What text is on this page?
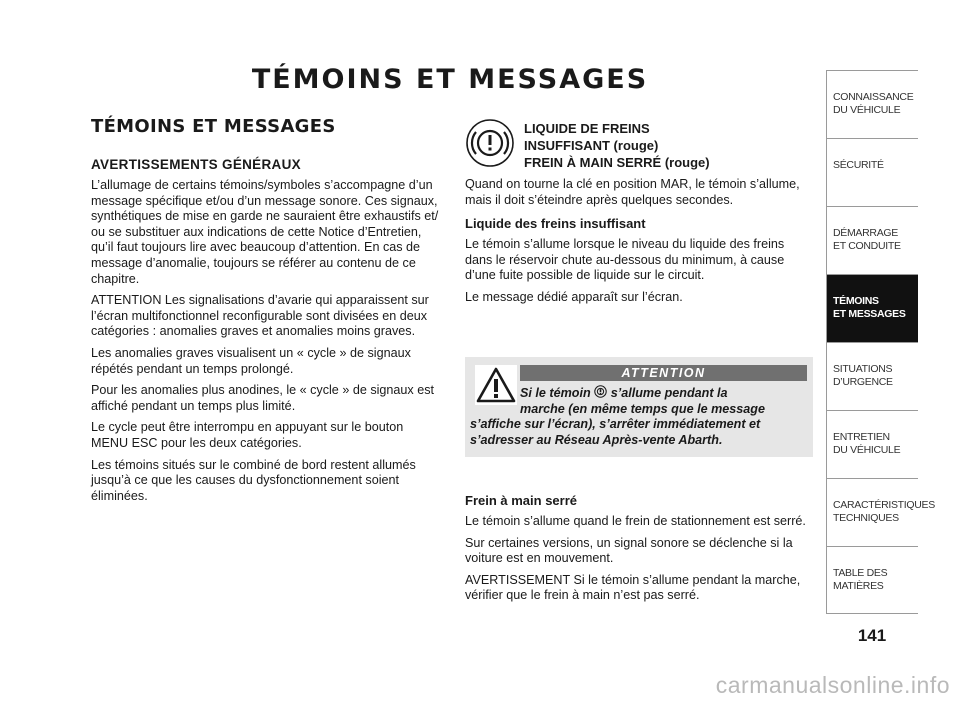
TÉMOINS ET MESSAGES
TÉMOINS ET MESSAGES
AVERTISSEMENTS GÉNÉRAUX

L’allumage de certains témoins/symboles s’accompagne d’un message spécifique et/ou d’un message sonore. Ces signaux, synthétiques de mise en garde ne sauraient être exhaustifs et/ ou se substituer aux indications de cette Notice d’Entretien, qu’il faut toujours lire avec beaucoup d’attention. En cas de message d’anomalie, toujours se référer au contenu de ce chapitre.

ATTENTION Les signalisations d’avarie qui apparaissent sur l’écran multifonctionnel reconfigurable sont divisées en deux catégories : anomalies graves et anomalies moins graves.

Les anomalies graves visualisent un « cycle » de signaux répétés pendant un temps prolongé.

Pour les anomalies plus anodines, le « cycle » de signaux est affiché pendant un temps plus limité.

Le cycle peut être interrompu en appuyant sur le bouton MENU ESC pour les deux catégories.

Les témoins situés sur le combiné de bord restent allumés jusqu’à ce que les causes du dysfonctionnement soient éliminées.

LIQUIDE DE FREINS
INSUFFISANT (rouge)
FREIN À MAIN SERRÉ (rouge)

Quand on tourne la clé en position MAR, le témoin s’allume, mais il doit s’éteindre après quelques secondes.

Liquide des freins insuffisant

Le témoin s’allume lorsque le niveau du liquide des freins dans le réservoir chute au-dessous du minimum, à cause d’une fuite possible de liquide sur le circuit.

Le message dédié apparaît sur l’écran.

ATTENTION
Si le témoin s’allume pendant la
marche (en même temps que le message
s’affiche sur l’écran), s’arrêter immédiatement et s’adresser au Réseau Après-vente Abarth.
Frein à main serré

Le témoin s’allume quand le frein de stationnement est serré.

Sur certaines versions, un signal sonore se déclenche si la voiture est en mouvement.

AVERTISSEMENT Si le témoin s’allume pendant la marche, vérifier que le frein à main n’est pas serré.

CONNAISSANCE
DU VÉHICULE
SÉCURITÉ
DÉMARRAGE
ET CONDUITE
TÉMOINS
ET MESSAGES
SITUATIONS
D’URGENCE
ENTRETIEN
DU VÉHICULE
CARACTÉRISTIQUES
TECHNIQUES
TABLE DES
MATIÈRES
141
carmanualsonline.info
